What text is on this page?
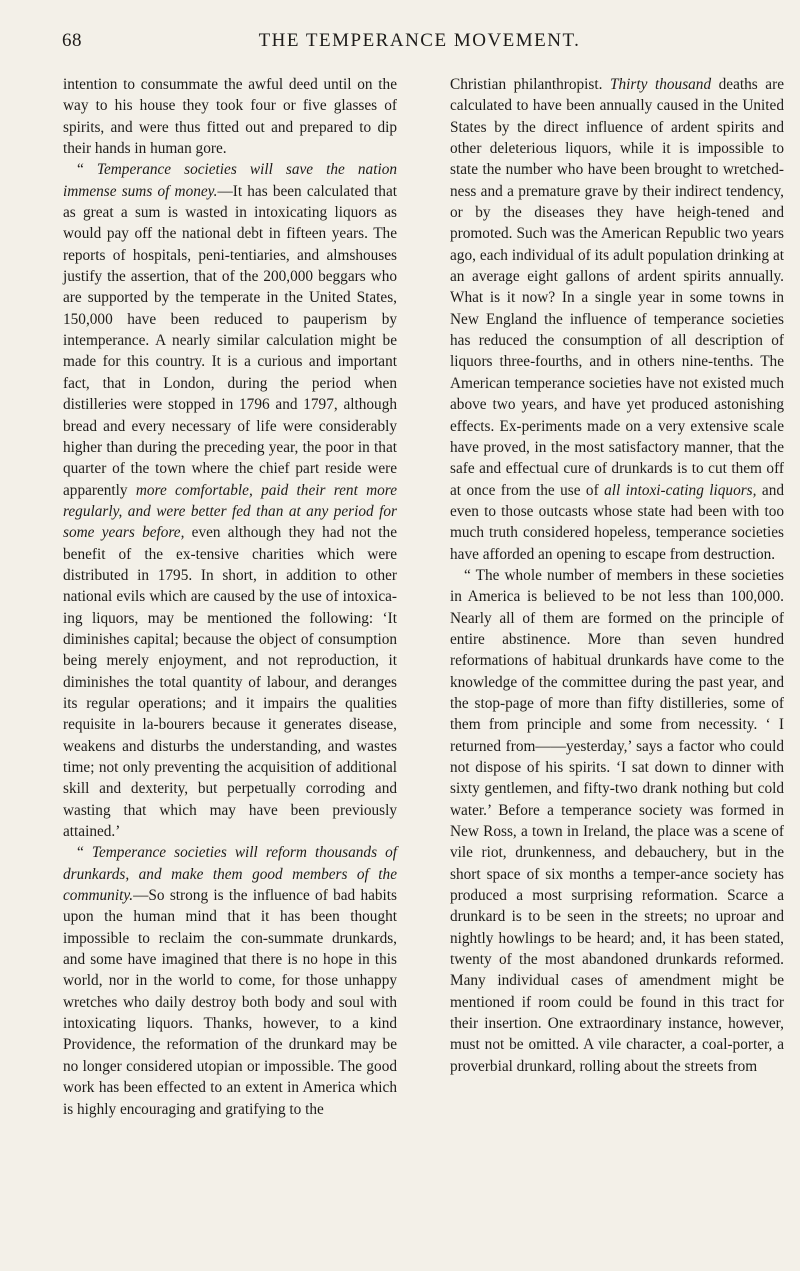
68	THE TEMPERANCE MOVEMENT.

intention to consummate the awful deed until on the way to his house they took four or five glasses of spirits, and were thus fitted out and prepared to dip their hands in human gore.

“ Temperance societies will save the nation immense sums of money.—It has been calculated that as great a sum is wasted in intoxicating liquors as would pay off the national debt in fifteen years. The reports of hospitals, peni-tentiaries, and almshouses justify the assertion, that of the 200,000 beggars who are supported by the temperate in the United States, 150,000 have been reduced to pauperism by intemperance. A nearly similar calculation might be made for this country. It is a curious and important fact, that in London, during the period when distilleries were stopped in 1796 and 1797, although bread and every necessary of life were considerably higher than during the preceding year, the poor in that quarter of the town where the chief part reside were apparently more comfortable, paid their rent more regularly, and were better fed than at any period for some years before, even although they had not the benefit of the ex-tensive charities which were distributed in 1795. In short, in addition to other national evils which are caused by the use of intoxica-ing liquors, may be mentioned the following: ‘It diminishes capital; because the object of consumption being merely enjoyment, and not reproduction, it diminishes the total quantity of labour, and deranges its regular operations; and it impairs the qualities requisite in la-bourers because it generates disease, weakens and disturbs the understanding, and wastes time; not only preventing the acquisition of additional skill and dexterity, but perpetually corroding and wasting that which may have been previously attained.’

“ Temperance societies will reform thousands of drunkards, and make them good members of the community.—So strong is the influence of bad habits upon the human mind that it has been thought impossible to reclaim the con-summate drunkards, and some have imagined that there is no hope in this world, nor in the world to come, for those unhappy wretches who daily destroy both body and soul with intoxicating liquors. Thanks, however, to a kind Providence, the reformation of the drunkard may be no longer considered utopian or impossible. The good work has been effected to an extent in America which is highly encouraging and gratifying to the

Christian philanthropist. Thirty thousand deaths are calculated to have been annually caused in the United States by the direct influence of ardent spirits and other deleterious liquors, while it is impossible to state the number who have been brought to wretched-ness and a premature grave by their indirect tendency, or by the diseases they have heigh-tened and promoted. Such was the American Republic two years ago, each individual of its adult population drinking at an average eight gallons of ardent spirits annually. What is it now? In a single year in some towns in New England the influence of temperance societies has reduced the consumption of all description of liquors three-fourths, and in others nine-tenths. The American temperance societies have not existed much above two years, and have yet produced astonishing effects. Ex-periments made on a very extensive scale have proved, in the most satisfactory manner, that the safe and effectual cure of drunkards is to cut them off at once from the use of all intoxi-cating liquors, and even to those outcasts whose state had been with too much truth considered hopeless, temperance societies have afforded an opening to escape from destruction.

“ The whole number of members in these societies in America is believed to be not less than 100,000. Nearly all of them are formed on the principle of entire abstinence. More than seven hundred reformations of habitual drunkards have come to the knowledge of the committee during the past year, and the stop-page of more than fifty distilleries, some of them from principle and some from necessity. ‘ I returned from——yesterday,’ says a factor who could not dispose of his spirits. ‘I sat down to dinner with sixty gentlemen, and fifty-two drank nothing but cold water.’ Before a temperance society was formed in New Ross, a town in Ireland, the place was a scene of vile riot, drunkenness, and debauchery, but in the short space of six months a temper-ance society has produced a most surprising reformation. Scarce a drunkard is to be seen in the streets; no uproar and nightly howlings to be heard; and, it has been stated, twenty of the most abandoned drunkards reformed. Many individual cases of amendment might be mentioned if room could be found in this tract for their insertion. One extraordinary instance, however, must not be omitted. A vile character, a coal-porter, a proverbial drunkard, rolling about the streets from
